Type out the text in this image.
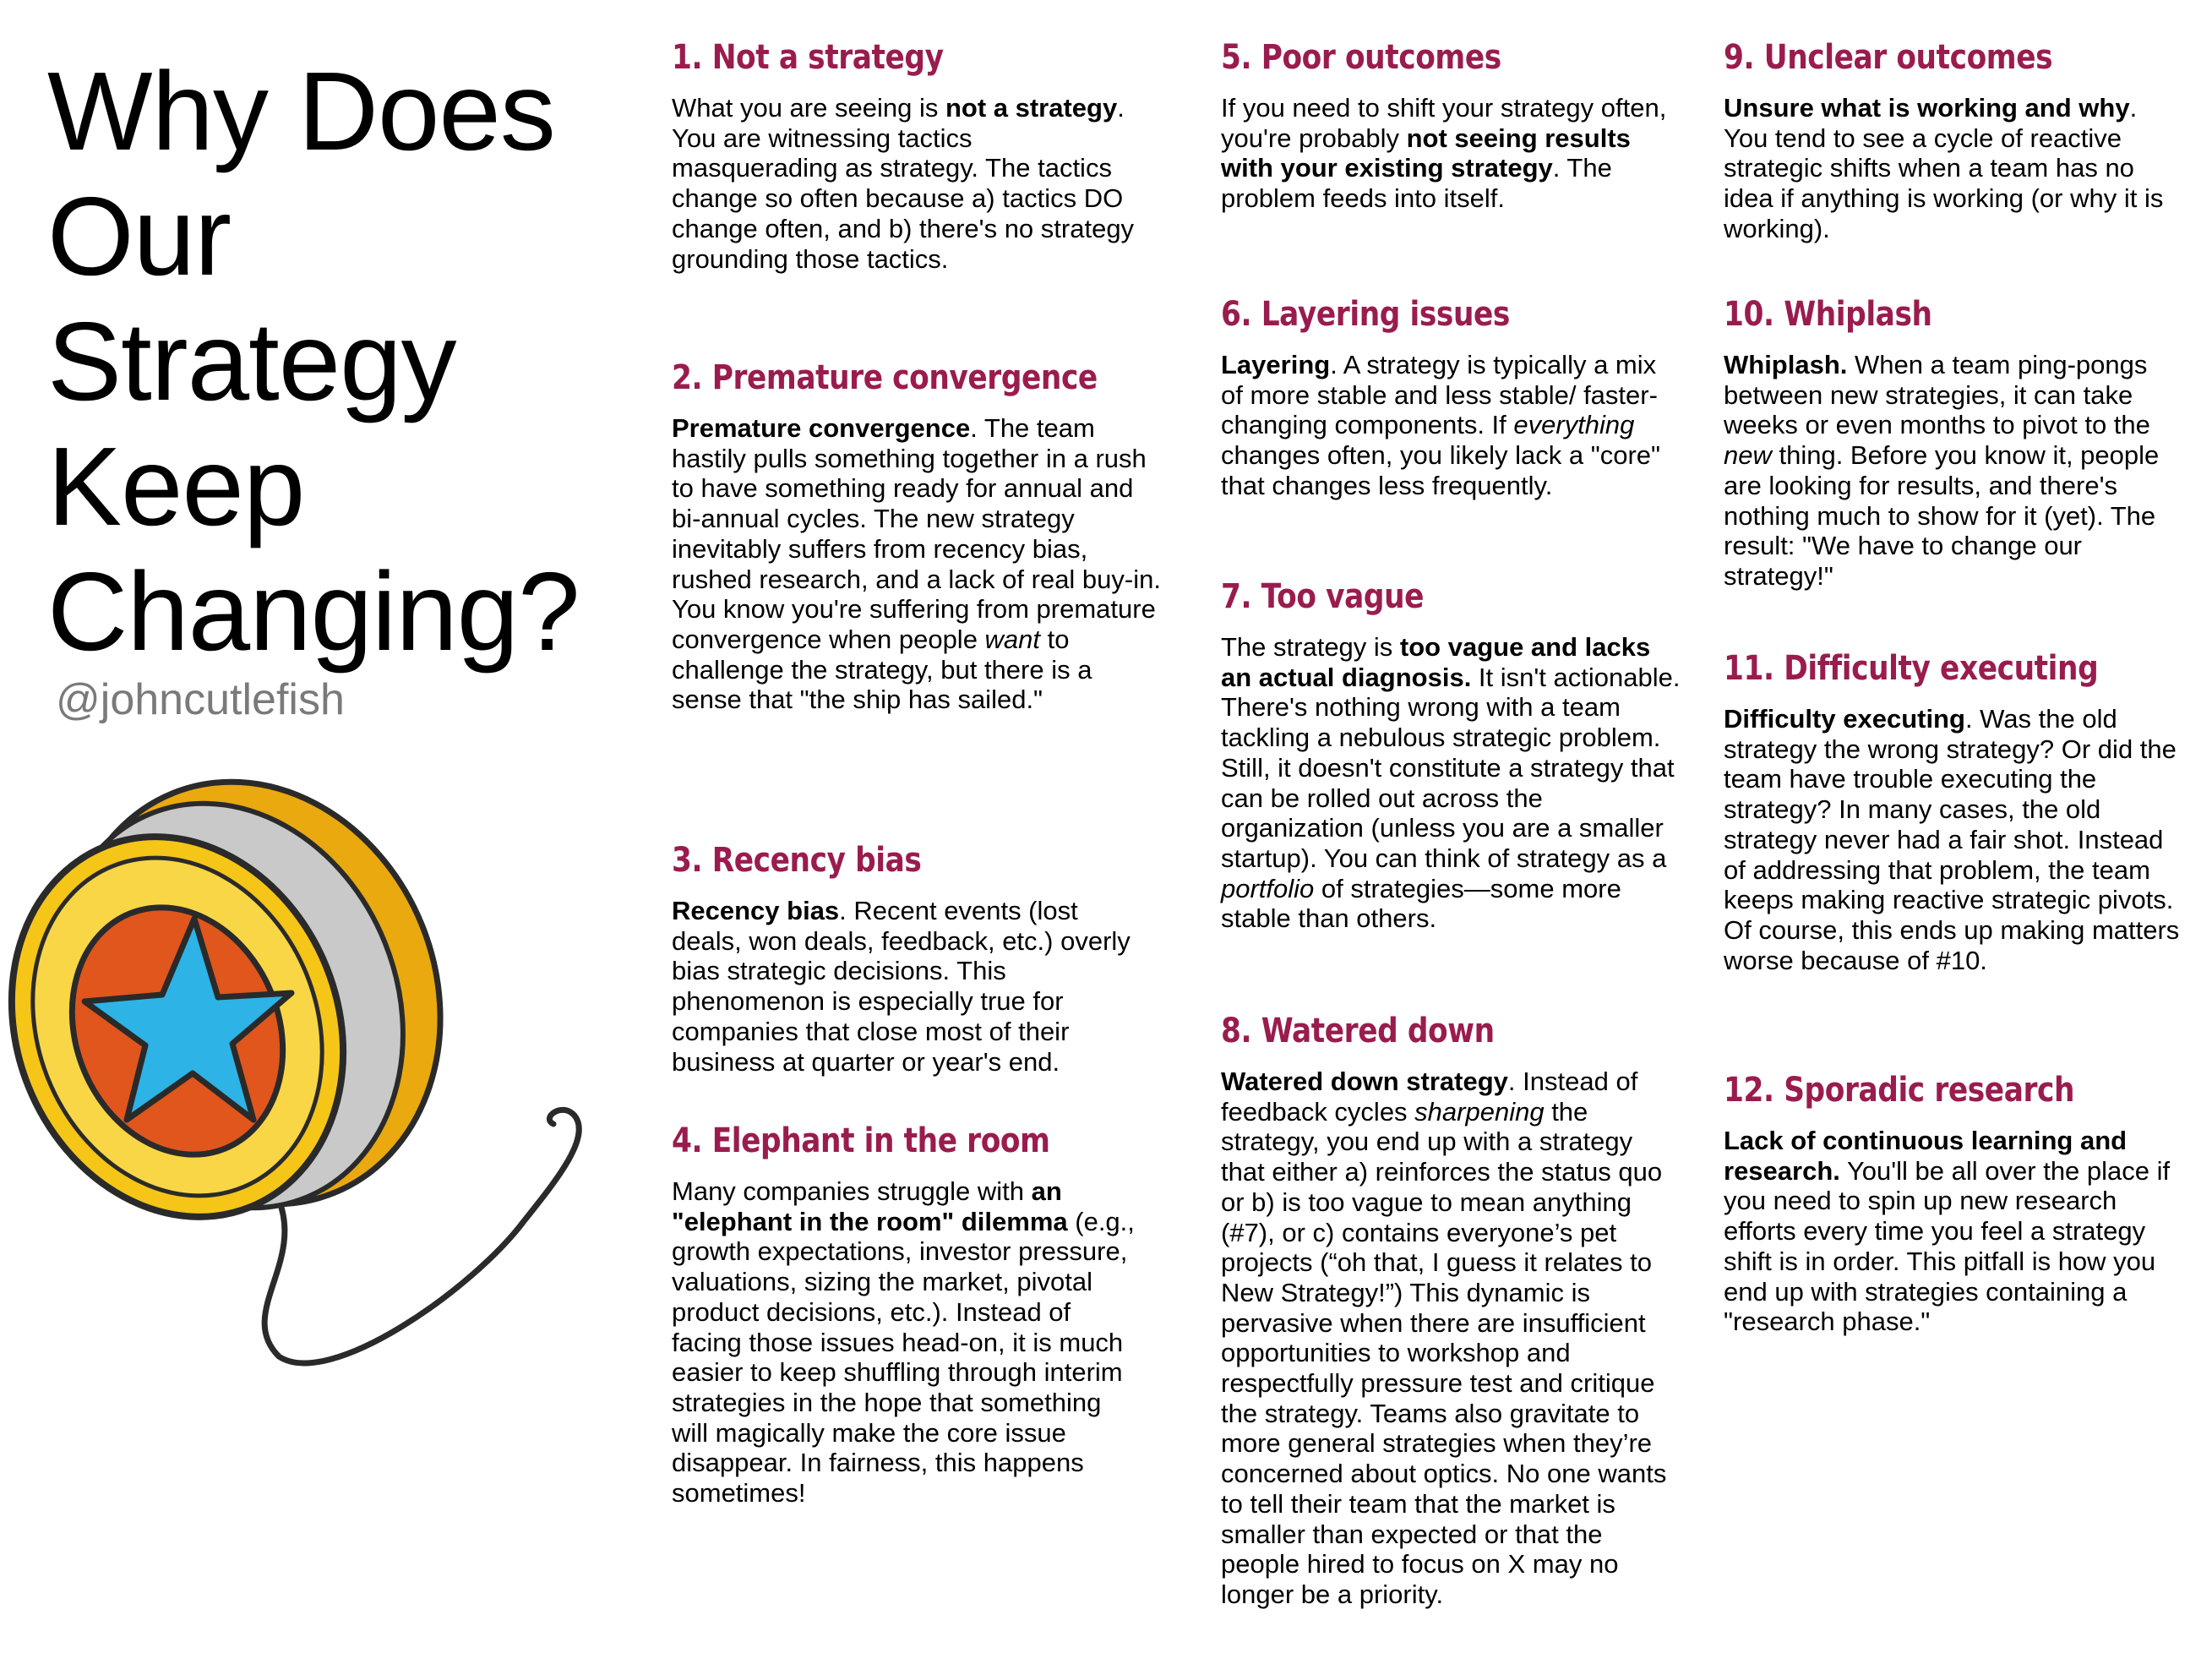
Why Does
Our
Strategy
Keep
Changing?
@johncutlefish
1. Not a strategy

What you are seeing is not a strategy. You are witnessing tactics masquerading as strategy. The tactics change so often because a) tactics DO change often, and b) there's no strategy grounding those tactics.

2. Premature convergence

Premature convergence. The team hastily pulls something together in a rush to have something ready for annual and bi-annual cycles. The new strategy inevitably suffers from recency bias, rushed research, and a lack of real buy-in. You know you're suffering from premature convergence when people want to challenge the strategy, but there is a sense that "the ship has sailed."

3. Recency bias

Recency bias. Recent events (lost deals, won deals, feedback, etc.) overly bias strategic decisions. This phenomenon is especially true for companies that close most of their business at quarter or year's end.

4. Elephant in the room

Many companies struggle with an "elephant in the room" dilemma (e.g., growth expectations, investor pressure, valuations, sizing the market, pivotal product decisions, etc.). Instead of facing those issues head-on, it is much easier to keep shuffling through interim strategies in the hope that something will magically make the core issue disappear. In fairness, this happens sometimes!

5. Poor outcomes

If you need to shift your strategy often, you're probably not seeing results with your existing strategy. The problem feeds into itself.

6. Layering issues

Layering. A strategy is typically a mix of more stable and less stable/ faster-changing components. If everything changes often, you likely lack a "core" that changes less frequently.

7. Too vague

The strategy is too vague and lacks an actual diagnosis. It isn't actionable. There's nothing wrong with a team tackling a nebulous strategic problem. Still, it doesn't constitute a strategy that can be rolled out across the organization (unless you are a smaller startup). You can think of strategy as a portfolio of strategies—some more stable than others.

8. Watered down

Watered down strategy. Instead of feedback cycles sharpening the strategy, you end up with a strategy that either a) reinforces the status quo or b) is too vague to mean anything (#7), or c) contains everyone’s pet projects (“oh that, I guess it relates to New Strategy!”) This dynamic is pervasive when there are insufficient opportunities to workshop and respectfully pressure test and critique the strategy. Teams also gravitate to more general strategies when they’re concerned about optics. No one wants to tell their team that the market is smaller than expected or that the people hired to focus on X may no longer be a priority.

9. Unclear outcomes

Unsure what is working and why. You tend to see a cycle of reactive strategic shifts when a team has no idea if anything is working (or why it is working).

10. Whiplash

Whiplash. When a team ping-pongs between new strategies, it can take weeks or even months to pivot to the new thing. Before you know it, people are looking for results, and there's nothing much to show for it (yet). The result: "We have to change our strategy!"

11. Difficulty executing

Difficulty executing. Was the old strategy the wrong strategy? Or did the team have trouble executing the strategy? In many cases, the old strategy never had a fair shot. Instead of addressing that problem, the team keeps making reactive strategic pivots. Of course, this ends up making matters worse because of #10.

12. Sporadic research

Lack of continuous learning and research. You'll be all over the place if you need to spin up new research efforts every time you feel a strategy shift is in order. This pitfall is how you end up with strategies containing a "research phase."
